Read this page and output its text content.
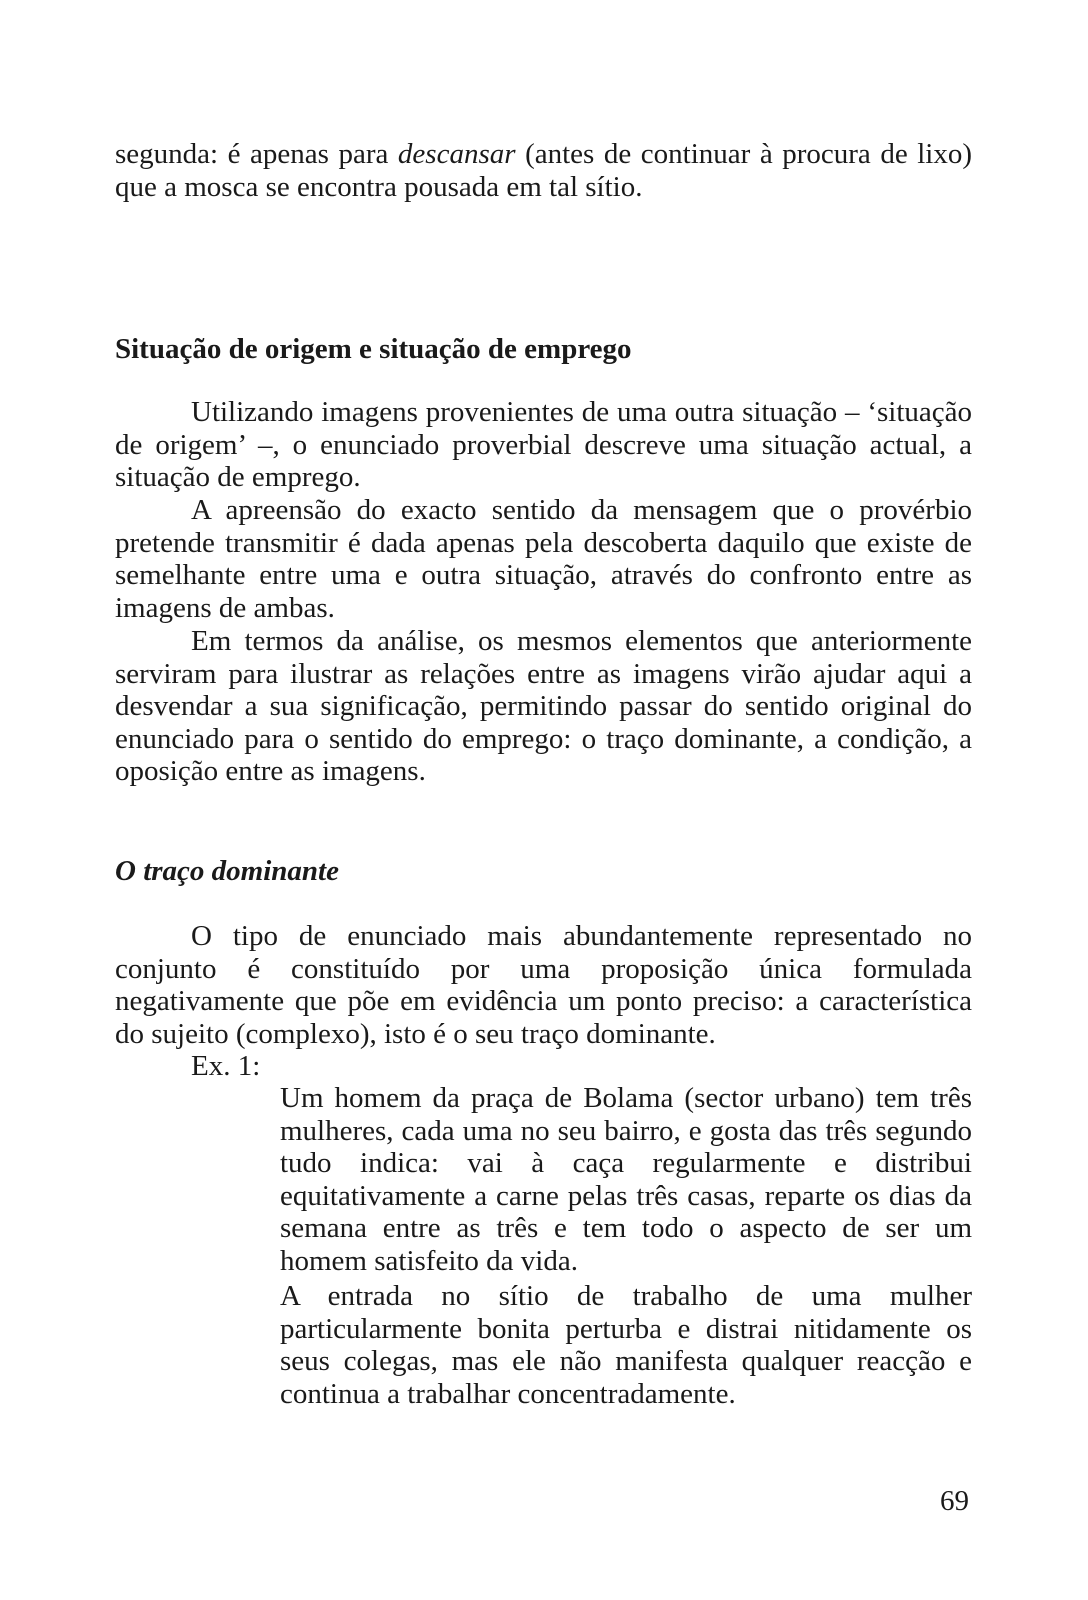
segunda: é apenas para descansar (antes de continuar à procura de lixo) que a mosca se encontra pousada em tal sítio.

Situação de origem e situação de emprego

Utilizando imagens provenientes de uma outra situação – ‘situação de origem’ –, o enunciado proverbial descreve uma situação actual, a situação de emprego.

A apreensão do exacto sentido da mensagem que o provérbio pretende transmitir é dada apenas pela descoberta daquilo que existe de semelhante entre uma e outra situação, através do confronto entre as imagens de ambas.

Em termos da análise, os mesmos elementos que anteriormente serviram para ilustrar as relações entre as imagens virão ajudar aqui a desvendar a sua significação, permitindo passar do sentido original do enunciado para o sentido do emprego: o traço dominante, a condição, a oposição entre as imagens.

O traço dominante

O tipo de enunciado mais abundantemente representado no conjunto é constituído por uma proposição única formulada negativamente que põe em evidência um ponto preciso: a característica do sujeito (complexo), isto é o seu traço dominante.

Ex. 1:

Um homem da praça de Bolama (sector urbano) tem três mulheres, cada uma no seu bairro, e gosta das três segundo tudo indica: vai à caça regularmente e distribui equitativamente a carne pelas três casas, reparte os dias da semana entre as três e tem todo o aspecto de ser um homem satisfeito da vida.

A entrada no sítio de trabalho de uma mulher particularmente bonita perturba e distrai nitidamente os seus colegas, mas ele não manifesta qualquer reacção e continua a trabalhar concentradamente.

69
